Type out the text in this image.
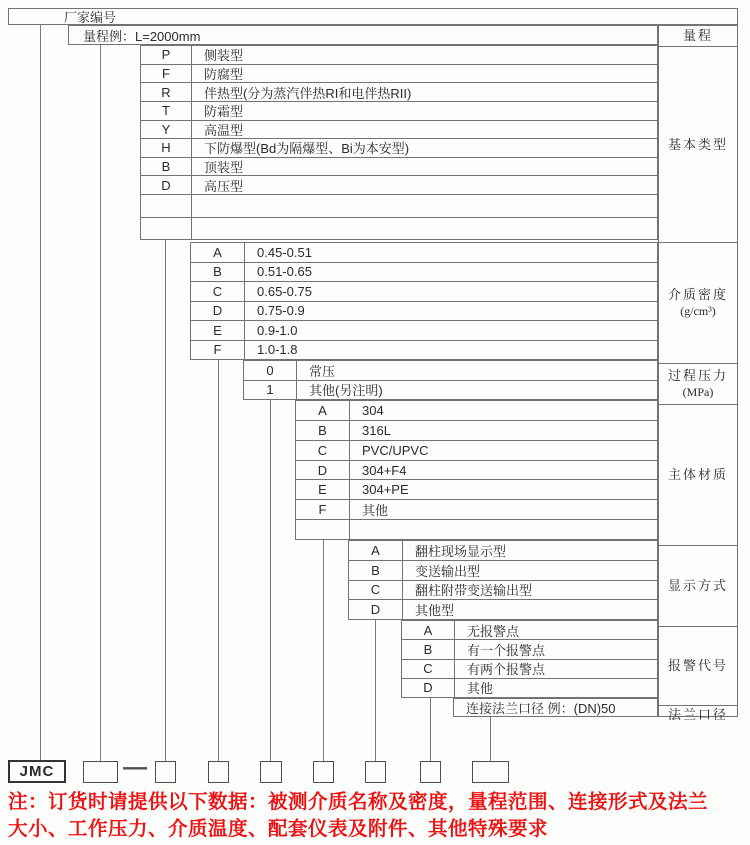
厂家编号
量程例：L=2000mm
P	侧装型
F	防腐型
R	伴热型(分为蒸汽伴热RI和电伴热RII)
T	防霜型
Y	高温型
H	下防爆型(Bd为隔爆型、Bi为本安型)
B	顶装型
D	高压型
A	0.45-0.51
B	0.51-0.65
C	0.65-0.75
D	0.75-0.9
E	0.9-1.0
F	1.0-1.8
0	常压
1	其他(另注明)
A	304
B	316L
C	PVC/UPVC
D	304+F4
E	304+PE
F	其他
A	翻柱现场显示型
B	变送输出型
C	翻柱附带变送输出型
D	其他型
A	无报警点
B	有一个报警点
C	有两个报警点
D	其他
连接法兰口径 例：(DN)50
量程
基本类型
介质密度
(g/cm³)
过程压力
(MPa)
主体材质
显示方式
报警代号
法兰口径
JMC	—
注：订货时请提供以下数据：被测介质名称及密度，量程范围、连接形式及法兰
大小、工作压力、介质温度、配套仪表及附件、其他特殊要求
